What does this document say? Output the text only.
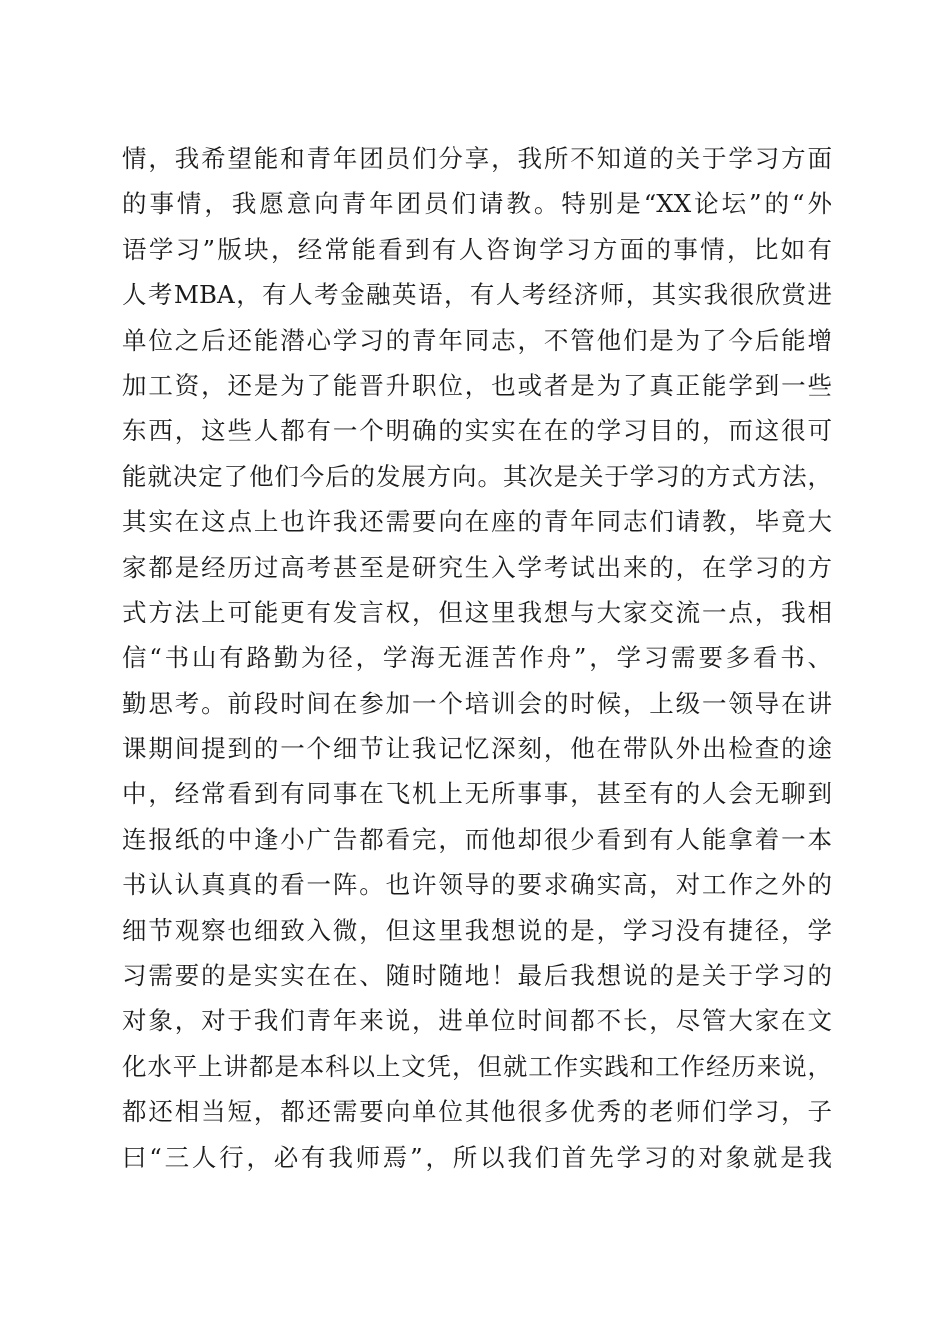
情，我希望能和青年团员们分享，我所不知道的关于学习方面
的事情，我愿意向青年团员们请教。特别是“XX论坛”的“外
语学习”版块，经常能看到有人咨询学习方面的事情，比如有
人考MBA，有人考金融英语，有人考经济师，其实我很欣赏进
单位之后还能潜心学习的青年同志，不管他们是为了今后能增
加工资，还是为了能晋升职位，也或者是为了真正能学到一些
东西，这些人都有一个明确的实实在在的学习目的，而这很可
能就决定了他们今后的发展方向。其次是关于学习的方式方法，
其实在这点上也许我还需要向在座的青年同志们请教，毕竟大
家都是经历过高考甚至是研究生入学考试出来的，在学习的方
式方法上可能更有发言权，但这里我想与大家交流一点，我相
信“书山有路勤为径，学海无涯苦作舟”，学习需要多看书、
勤思考。前段时间在参加一个培训会的时候，上级一领导在讲
课期间提到的一个细节让我记忆深刻，他在带队外出检查的途
中，经常看到有同事在飞机上无所事事，甚至有的人会无聊到
连报纸的中逢小广告都看完，而他却很少看到有人能拿着一本
书认认真真的看一阵。也许领导的要求确实高，对工作之外的
细节观察也细致入微，但这里我想说的是，学习没有捷径，学
习需要的是实实在在、随时随地！最后我想说的是关于学习的
对象，对于我们青年来说，进单位时间都不长，尽管大家在文
化水平上讲都是本科以上文凭，但就工作实践和工作经历来说，
都还相当短，都还需要向单位其他很多优秀的老师们学习，子
曰“三人行，必有我师焉”，所以我们首先学习的对象就是我
